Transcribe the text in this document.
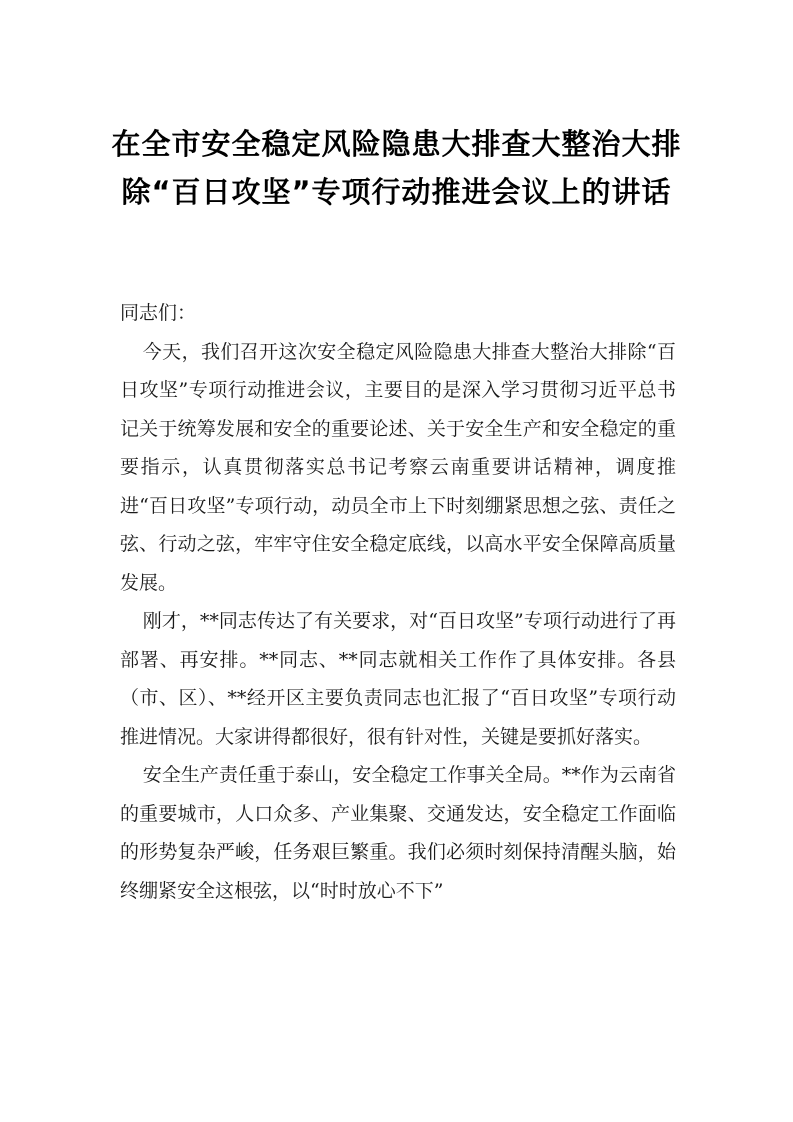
在全市安全稳定风险隐患大排查大整治大排除“百日攻坚”专项行动推进会议上的讲话

同志们：

今天，我们召开这次安全稳定风险隐患大排查大整治大排除“百日攻坚”专项行动推进会议，主要目的是深入学习贯彻习近平总书记关于统筹发展和安全的重要论述、关于安全生产和安全稳定的重要指示，认真贯彻落实总书记考察云南重要讲话精神，调度推进“百日攻坚”专项行动，动员全市上下时刻绷紧思想之弦、责任之弦、行动之弦，牢牢守住安全稳定底线，以高水平安全保障高质量发展。

刚才，**同志传达了有关要求，对“百日攻坚”专项行动进行了再部署、再安排。**同志、**同志就相关工作作了具体安排。各县（市、区）、**经开区主要负责同志也汇报了“百日攻坚”专项行动推进情况。大家讲得都很好，很有针对性，关键是要抓好落实。

安全生产责任重于泰山，安全稳定工作事关全局。**作为云南省的重要城市，人口众多、产业集聚、交通发达，安全稳定工作面临的形势复杂严峻，任务艰巨繁重。我们必须时刻保持清醒头脑，始终绷紧安全这根弦，以“时时放心不下”
